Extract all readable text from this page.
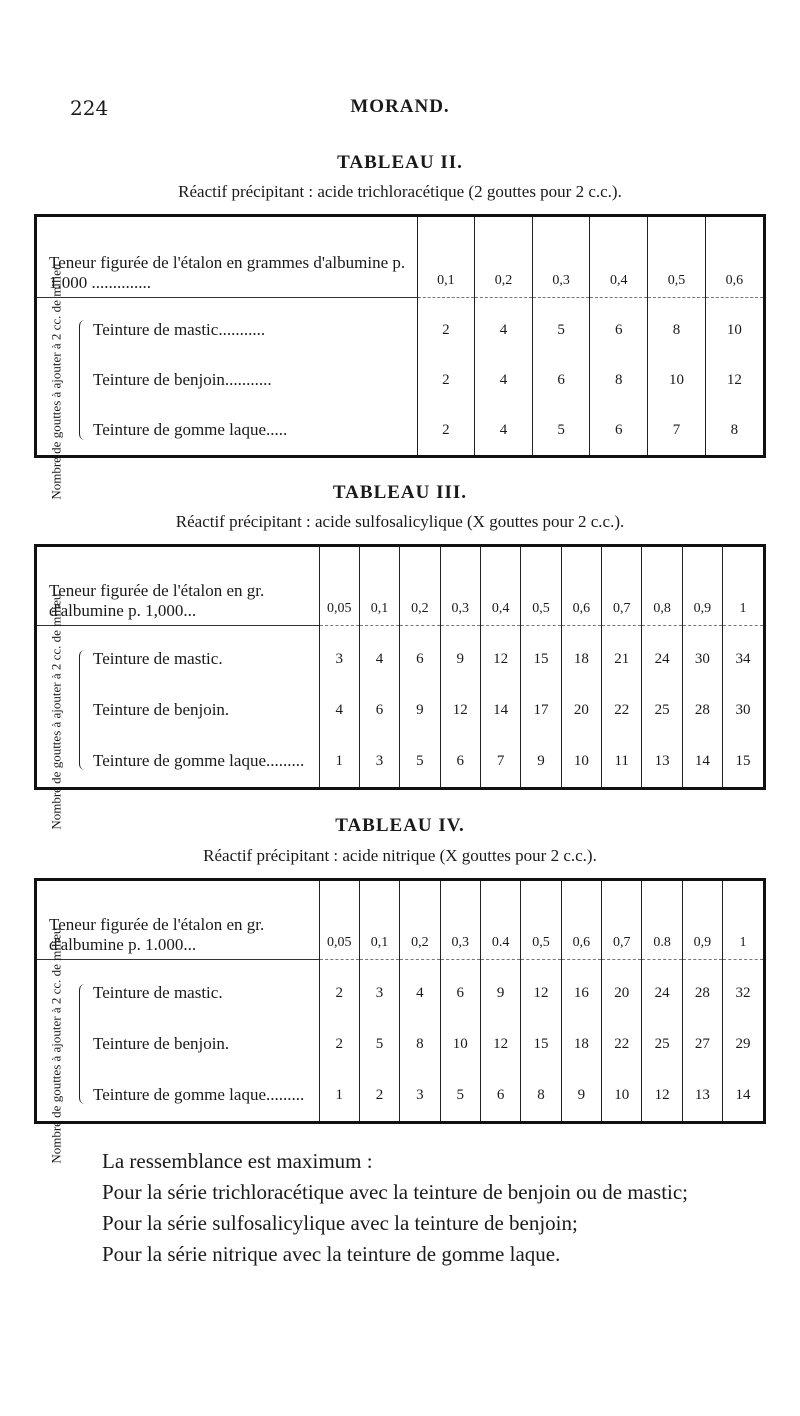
224	MORAND.
TABLEAU II.
Réactif précipitant : acide trichloracétique (2 gouttes pour 2 c.c.).
Teneur figurée de l'étalon en grammes d'albumine p. 1.000 ..............			0,1	0,2	0,3	0,4	0,5	0,6

Nombre de gouttes à ajouter à 2 cc. de milieu.		Teinture de mastic...........	2	4	5	6	8	10
		Teinture de benjoin...........	2	4	6	8	10	12
		Teinture de gomme laque.....	2	4	5	6	7	8
TABLEAU III.
Réactif précipitant : acide sulfosalicylique (X gouttes pour 2 c.c.).
Teneur figurée de l'étalon en gr. d'albumine p. 1,000...			0,05	0,1	0,2	0,3	0,4	0,5	0,6	0,7	0,8	0,9	1

Nombre de gouttes à ajouter à 2 cc. de milieu.		Teinture de mastic.	3	4	6	9	12	15	18	21	24	30	34
		Teinture de benjoin.	4	6	9	12	14	17	20	22	25	28	30
		Teinture de gomme laque.........	1	3	5	6	7	9	10	11	13	14	15
TABLEAU IV.
Réactif précipitant : acide nitrique (X gouttes pour 2 c.c.).
Teneur figurée de l'étalon en gr. d'albumine p. 1.000...			0,05	0,1	0,2	0,3	0.4	0,5	0,6	0,7	0.8	0,9	1

Nombre de gouttes à ajouter à 2 cc. de milieu.		Teinture de mastic.	2	3	4	6	9	12	16	20	24	28	32
		Teinture de benjoin.	2	5	8	10	12	15	18	22	25	27	29
		Teinture de gomme laque.........	1	2	3	5	6	8	9	10	12	13	14

La ressemblance est maximum :

Pour la série trichloracétique avec la teinture de benjoin ou de mastic;

Pour la série sulfosalicylique avec la teinture de benjoin;

Pour la série nitrique avec la teinture de gomme laque.
